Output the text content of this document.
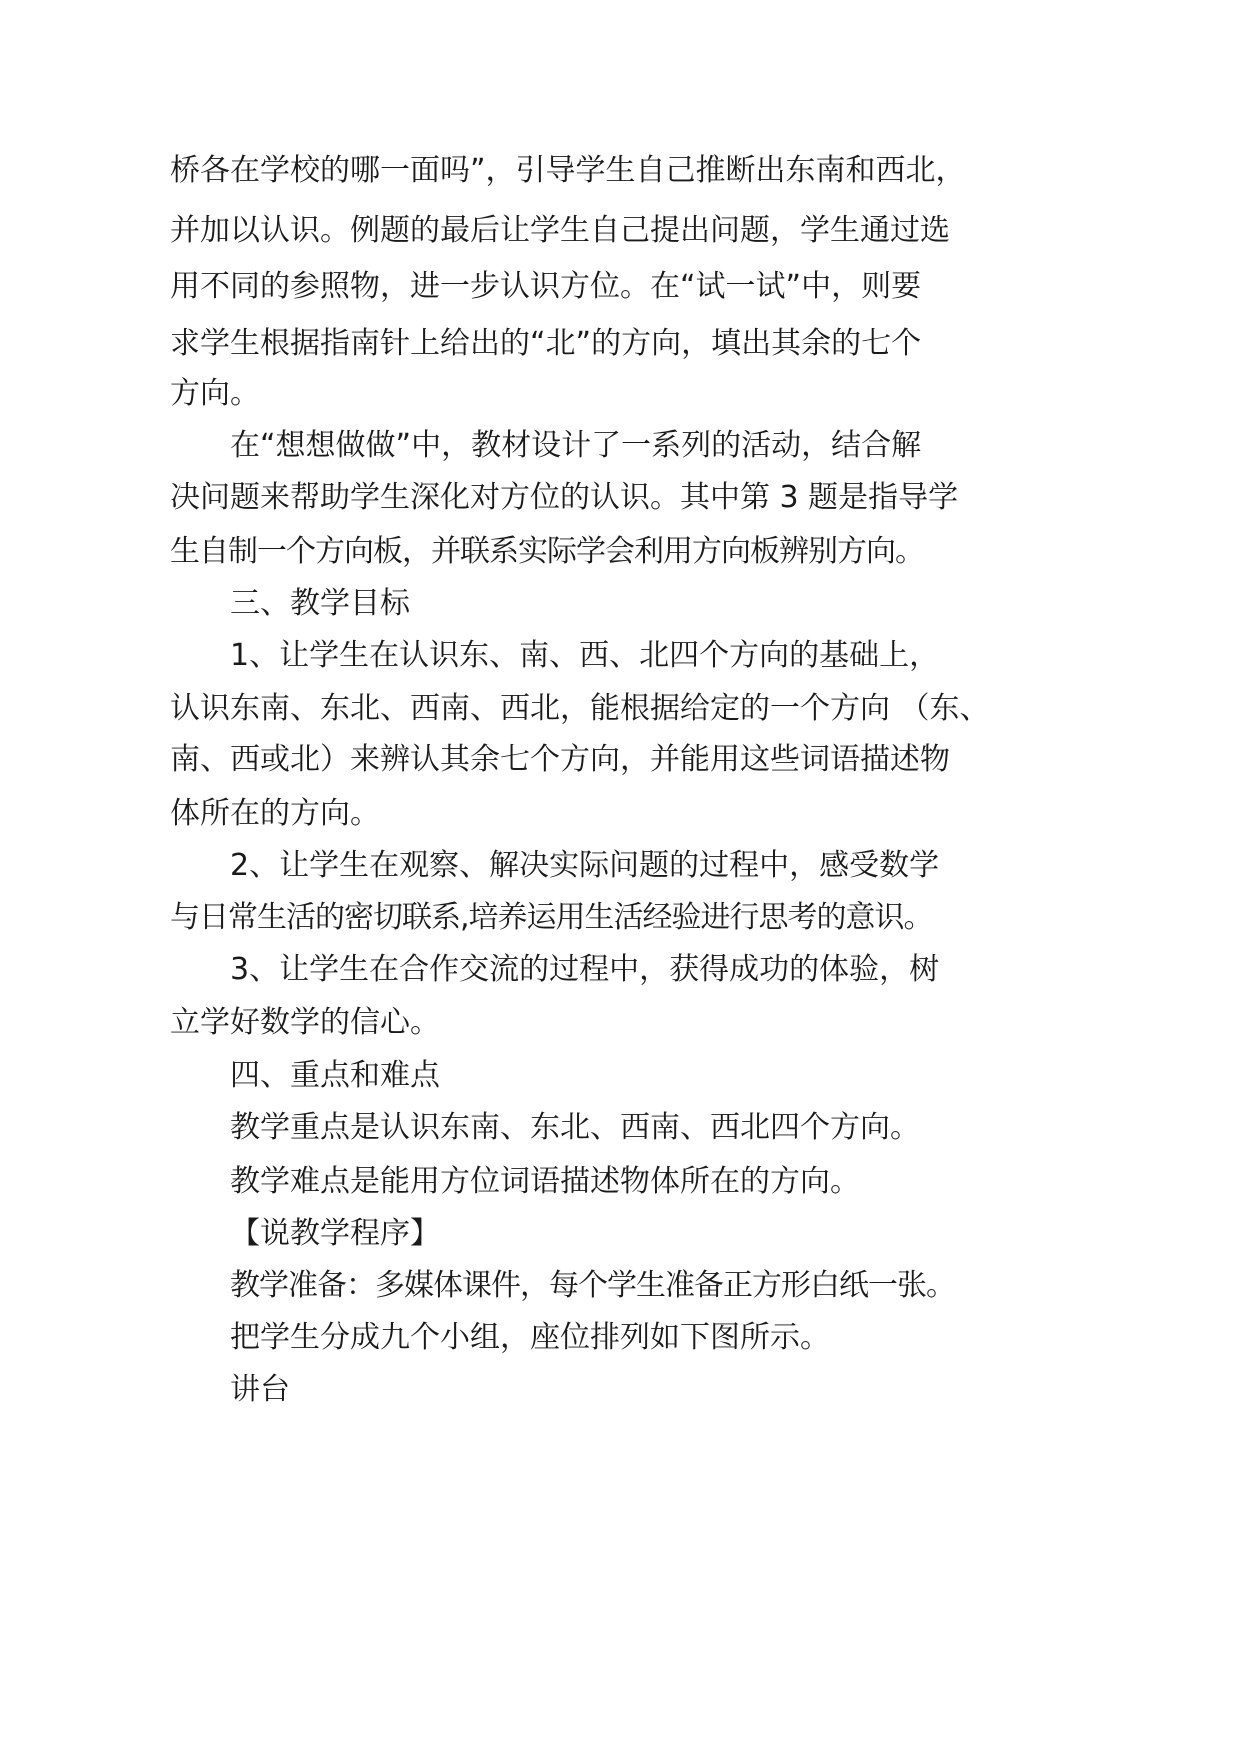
桥各在学校的哪一面吗”，引导学生自己推断出东南和西北，
并加以认识。例题的最后让学生自己提出问题，学生通过选
用不同的参照物，进一步认识方位。在“试一试”中，则要
求学生根据指南针上给出的“北”的方向，填出其余的七个
方向。
在“想想做做”中，教材设计了一系列的活动，结合解
决问题来帮助学生深化对方位的认识。其中第 3 题是指导学
生自制一个方向板，并联系实际学会利用方向板辨别方向。
三、教学目标
1、让学生在认识东、南、西、北四个方向的基础上，
认识东南、东北、西南、西北，能根据给定的一个方向 （东、
南、西或北）来辨认其余七个方向，并能用这些词语描述物
体所在的方向。
2、让学生在观察、解决实际问题的过程中，感受数学
与日常生活的密切联系,培养运用生活经验进行思考的意识。
3、让学生在合作交流的过程中，获得成功的体验，树
立学好数学的信心。
四、重点和难点
教学重点是认识东南、东北、西南、西北四个方向。
教学难点是能用方位词语描述物体所在的方向。
【说教学程序】
教学准备：多媒体课件，每个学生准备正方形白纸一张。
把学生分成九个小组，座位排列如下图所示。
讲台
